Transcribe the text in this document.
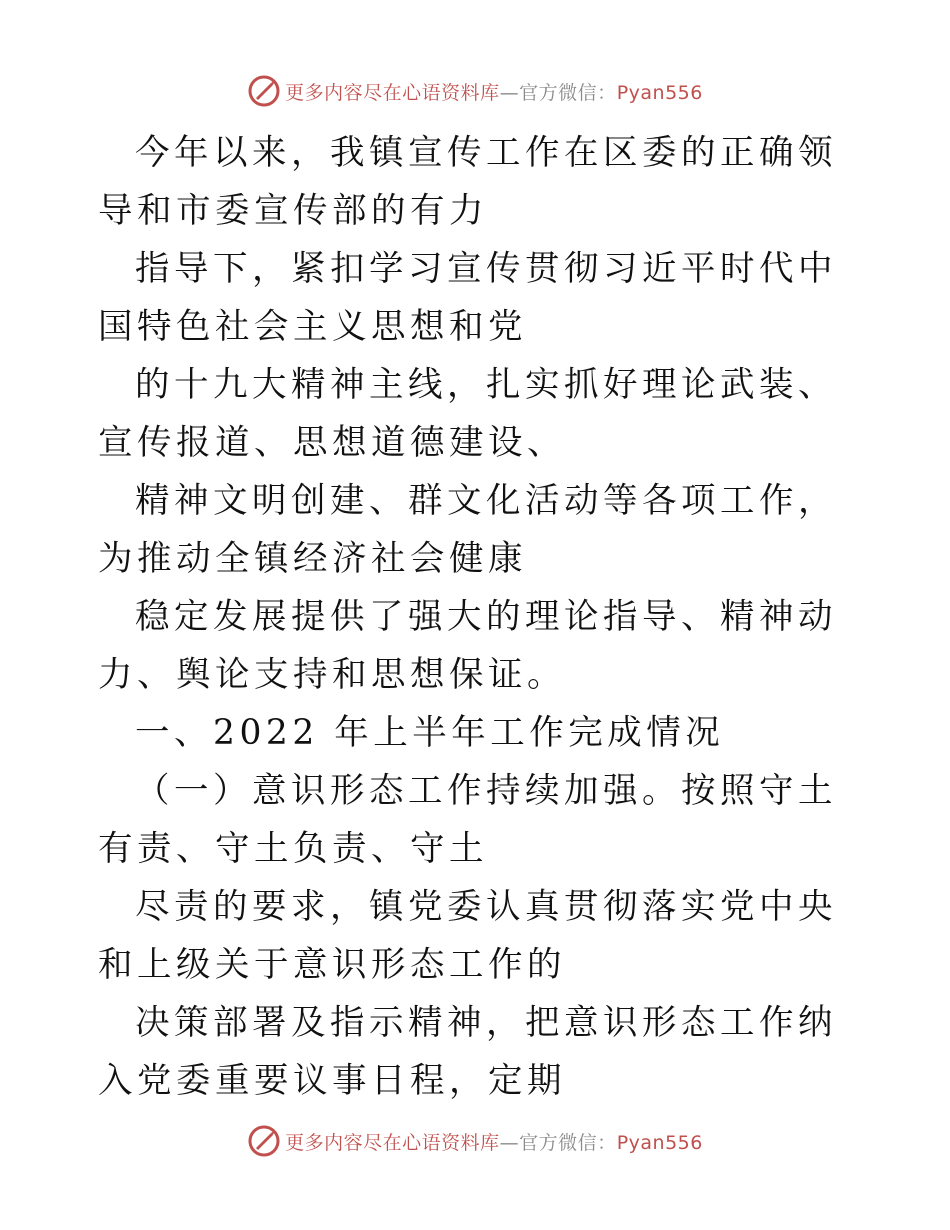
更多内容尽在心语资料库—官方微信：Pyan556

今年以来，我镇宣传工作在区委的正确领导和市委宣传部的有力

指导下，紧扣学习宣传贯彻习近平时代中国特色社会主义思想和党

的十九大精神主线，扎实抓好理论武装、宣传报道、思想道德建设、

精神文明创建、群文化活动等各项工作，为推动全镇经济社会健康

稳定发展提供了强大的理论指导、精神动力、舆论支持和思想保证。

一、2022 年上半年工作完成情况

（一）意识形态工作持续加强。按照守土有责、守土负责、守土

尽责的要求，镇党委认真贯彻落实党中央和上级关于意识形态工作的

决策部署及指示精神，把意识形态工作纳入党委重要议事日程，定期

更多内容尽在心语资料库—官方微信：Pyan556
